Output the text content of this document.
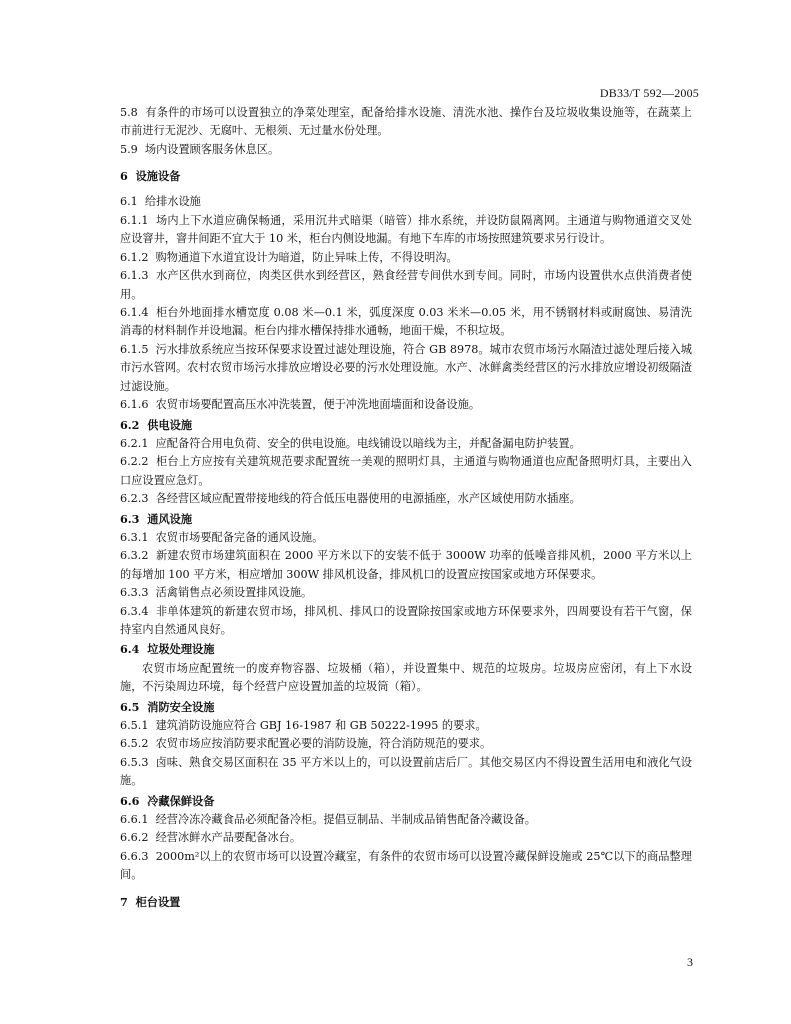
DB33/T 592—2005

5.8  有条件的市场可以设置独立的净菜处理室，配备给排水设施、清洗水池、操作台及垃圾收集设施等，在蔬菜上市前进行无泥沙、无腐叶、无根须、无过量水份处理。

5.9  场内设置顾客服务休息区。

6  设施设备

6.1  给排水设施

6.1.1  场内上下水道应确保畅通，采用沉井式暗渠（暗管）排水系统，并设防鼠隔离网。主通道与购物通道交叉处应设窨井，窨井间距不宜大于 10 米，柜台内侧设地漏。有地下车库的市场按照建筑要求另行设计。

6.1.2  购物通道下水道宜设计为暗道，防止异味上传，不得设明沟。

6.1.3  水产区供水到商位，肉类区供水到经营区，熟食经营专间供水到专间。同时，市场内设置供水点供消费者使用。

6.1.4  柜台外地面排水槽宽度 0.08 米—0.1 米，弧度深度 0.03 米米—0.05 米，用不锈钢材料或耐腐蚀、易清洗消毒的材料制作并设地漏。柜台内排水槽保持排水通畅，地面干燥，不积垃圾。

6.1.5  污水排放系统应当按环保要求设置过滤处理设施，符合 GB 8978。城市农贸市场污水隔渣过滤处理后接入城市污水管网。农村农贸市场污水排放应增设必要的污水处理设施。水产、冰鲜禽类经营区的污水排放应增设初级隔渣过滤设施。

6.1.6  农贸市场要配置高压水冲洗装置，便于冲洗地面墙面和设备设施。

6.2  供电设施

6.2.1  应配备符合用电负荷、安全的供电设施。电线铺设以暗线为主，并配备漏电防护装置。

6.2.2  柜台上方应按有关建筑规范要求配置统一美观的照明灯具，主通道与购物通道也应配备照明灯具，主要出入口应设置应急灯。

6.2.3  各经营区域应配置带接地线的符合低压电器使用的电源插座，水产区域使用防水插座。

6.3  通风设施

6.3.1  农贸市场要配备完备的通风设施。

6.3.2  新建农贸市场建筑面积在 2000 平方米以下的安装不低于 3000W 功率的低噪音排风机，2000 平方米以上的每增加 100 平方米，相应增加 300W 排风机设备，排风机口的设置应按国家或地方环保要求。

6.3.3  活禽销售点必须设置排风设施。

6.3.4  非单体建筑的新建农贸市场，排风机、排风口的设置除按国家或地方环保要求外，四周要设有若干气窗，保持室内自然通风良好。

6.4  垃圾处理设施

农贸市场应配置统一的废弃物容器、垃圾桶（箱），并设置集中、规范的垃圾房。垃圾房应密闭，有上下水设施，不污染周边环境，每个经营户应设置加盖的垃圾筒（箱）。

6.5  消防安全设施

6.5.1  建筑消防设施应符合 GBJ 16-1987 和 GB 50222-1995 的要求。

6.5.2  农贸市场应按消防要求配置必要的消防设施，符合消防规范的要求。

6.5.3  卤味、熟食交易区面积在 35 平方米以上的，可以设置前店后厂。其他交易区内不得设置生活用电和液化气设施。

6.6  冷藏保鲜设备

6.6.1  经营冷冻冷藏食品必须配备冷柜。提倡豆制品、半制成品销售配备冷藏设备。

6.6.2  经营冰鲜水产品要配备冰台。

6.6.3  2000m²以上的农贸市场可以设置冷藏室，有条件的农贸市场可以设置冷藏保鲜设施或 25℃以下的商品整理间。

7  柜台设置

3
